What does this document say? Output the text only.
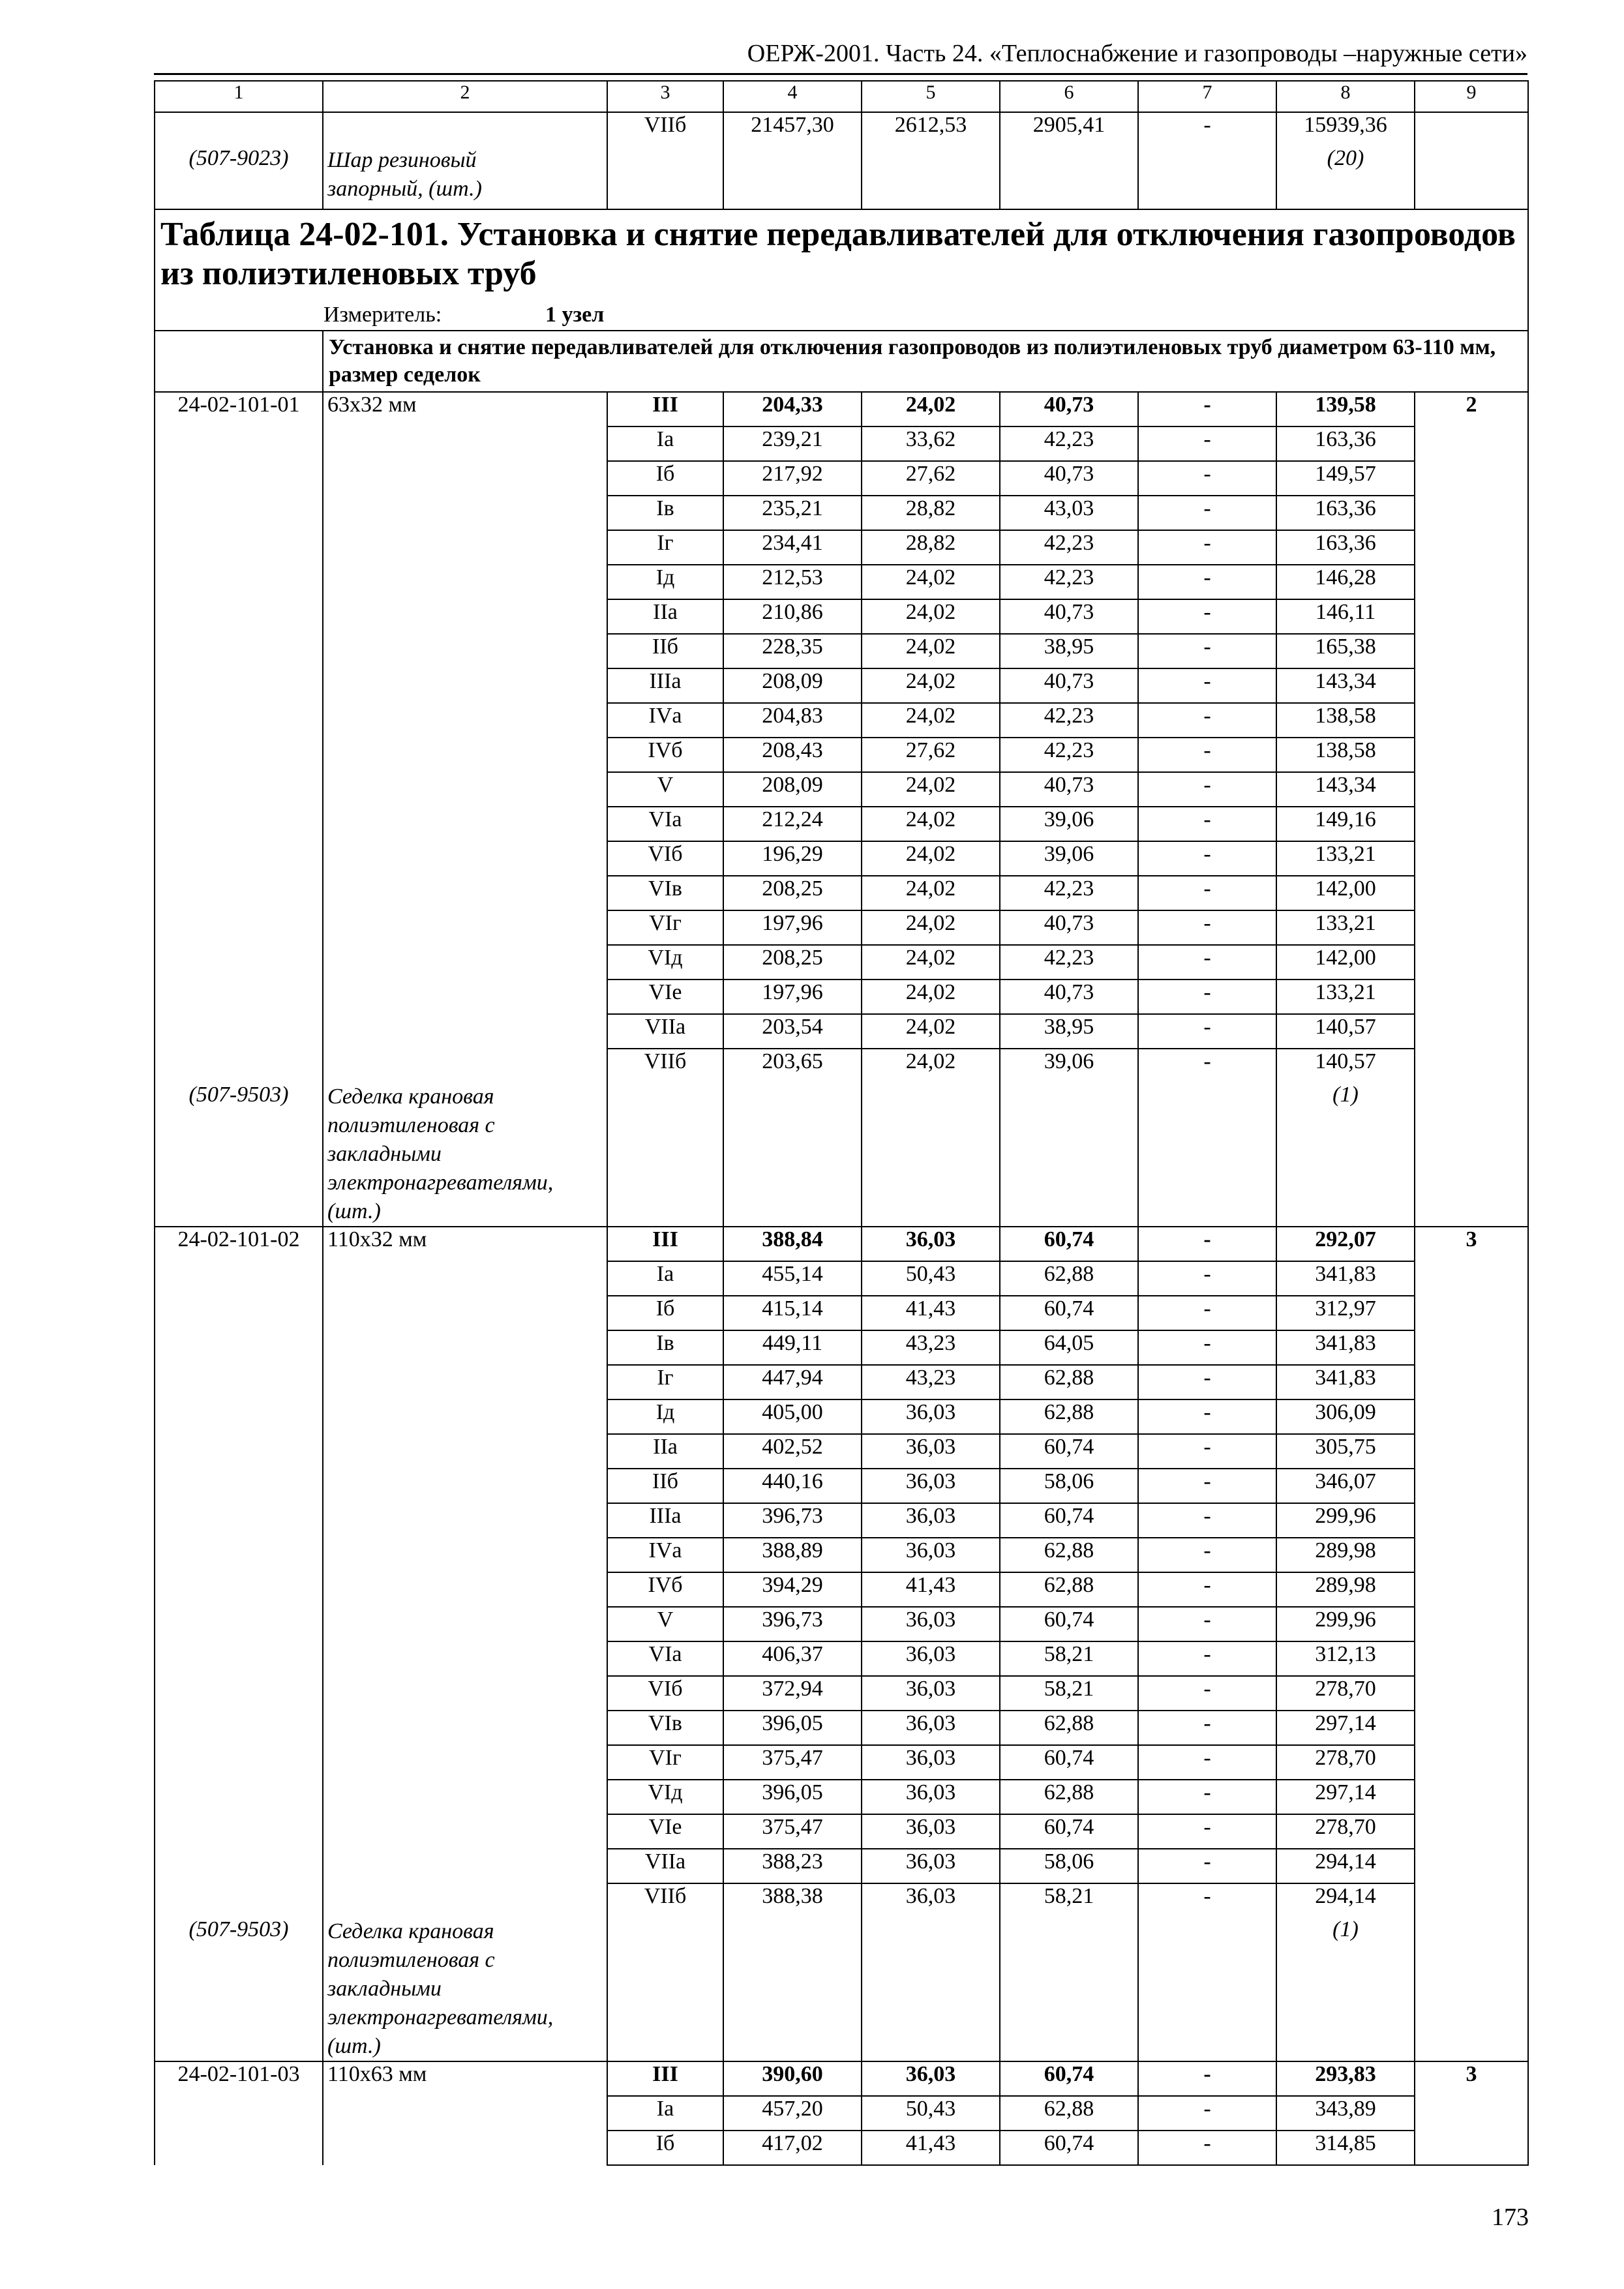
ОЕРЖ-2001. Часть 24. «Теплоснабжение и газопроводы –наружные сети»
1	2	3	4	5	6	7	8	9
		VIIб	21457,30	2612,53	2905,41	-	15939,36	
(507-9023)	Шар резиновый
запорный, (шт.)						(20)	
Таблица 24-02-101. Установка и снятие передавливателей для отключения газопроводов из полиэтиленовых труб								
Измеритель: 1 узел								
	Установка и снятие передавливателей для отключения газопроводов из полиэтиленовых труб диаметром 63-110 мм, размер седелок							
24-02-101-01	63х32 мм	III	204,33	24,02	40,73	-	139,58	2
		Iа	239,21	33,62	42,23	-	163,36	
		Iб	217,92	27,62	40,73	-	149,57	
		Iв	235,21	28,82	43,03	-	163,36	
		Iг	234,41	28,82	42,23	-	163,36	
		Iд	212,53	24,02	42,23	-	146,28	
		IIа	210,86	24,02	40,73	-	146,11	
		IIб	228,35	24,02	38,95	-	165,38	
		IIIа	208,09	24,02	40,73	-	143,34	
		IVа	204,83	24,02	42,23	-	138,58	
		IVб	208,43	27,62	42,23	-	138,58	
		V	208,09	24,02	40,73	-	143,34	
		VIа	212,24	24,02	39,06	-	149,16	
		VIб	196,29	24,02	39,06	-	133,21	
		VIв	208,25	24,02	42,23	-	142,00	
		VIг	197,96	24,02	40,73	-	133,21	
		VIд	208,25	24,02	42,23	-	142,00	
		VIе	197,96	24,02	40,73	-	133,21	
		VIIа	203,54	24,02	38,95	-	140,57	
		VIIб	203,65	24,02	39,06	-	140,57	
(507-9503)	Седелка крановая
полиэтиленовая с
закладными
электронагревателями,
(шт.)						(1)	
24-02-101-02	110х32 мм	III	388,84	36,03	60,74	-	292,07	3
		Iа	455,14	50,43	62,88	-	341,83	
		Iб	415,14	41,43	60,74	-	312,97	
		Iв	449,11	43,23	64,05	-	341,83	
		Iг	447,94	43,23	62,88	-	341,83	
		Iд	405,00	36,03	62,88	-	306,09	
		IIа	402,52	36,03	60,74	-	305,75	
		IIб	440,16	36,03	58,06	-	346,07	
		IIIа	396,73	36,03	60,74	-	299,96	
		IVа	388,89	36,03	62,88	-	289,98	
		IVб	394,29	41,43	62,88	-	289,98	
		V	396,73	36,03	60,74	-	299,96	
		VIа	406,37	36,03	58,21	-	312,13	
		VIб	372,94	36,03	58,21	-	278,70	
		VIв	396,05	36,03	62,88	-	297,14	
		VIг	375,47	36,03	60,74	-	278,70	
		VIд	396,05	36,03	62,88	-	297,14	
		VIе	375,47	36,03	60,74	-	278,70	
		VIIа	388,23	36,03	58,06	-	294,14	
		VIIб	388,38	36,03	58,21	-	294,14	
(507-9503)	Седелка крановая
полиэтиленовая с
закладными
электронагревателями,
(шт.)						(1)	
24-02-101-03	110х63 мм	III	390,60	36,03	60,74	-	293,83	3
		Iа	457,20	50,43	62,88	-	343,89	
		Iб	417,02	41,43	60,74	-	314,85	
173
